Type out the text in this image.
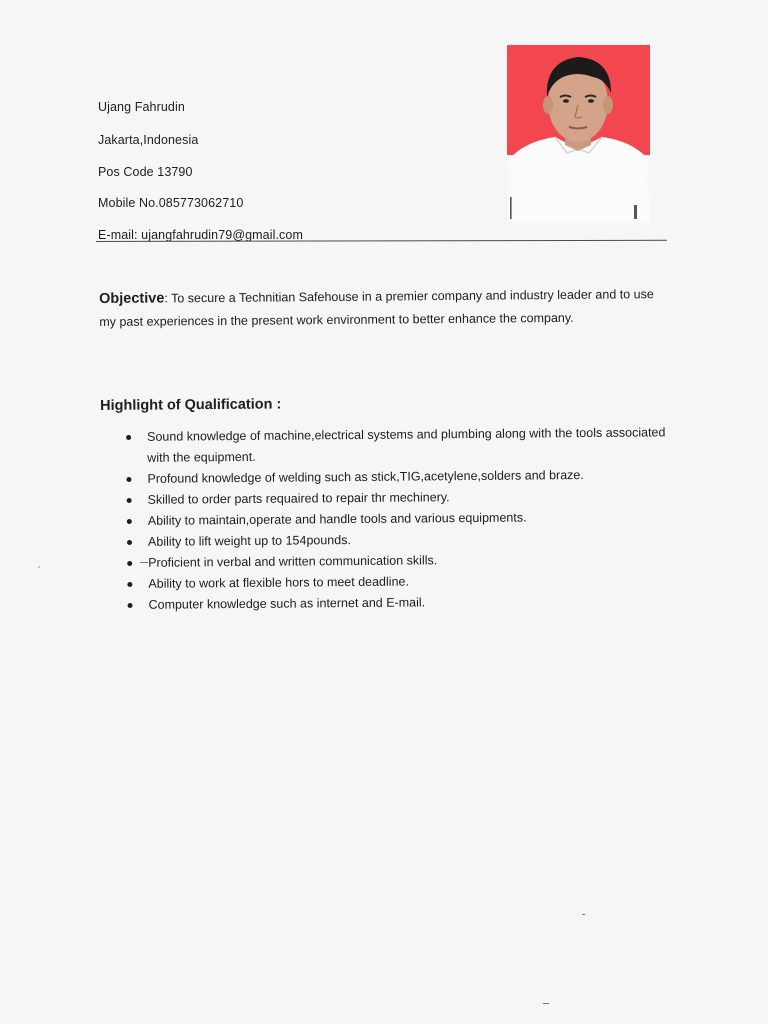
Ujang Fahrudin
Jakarta,Indonesia
Pos Code 13790
Mobile No.085773062710
E-mail: ujangfahrudin79@gmail.com
Objective: To secure a Technitian Safehouse in a premier company and industry leader and to use my past experiences in the present work environment to better enhance the company.
Highlight of Qualification :
Sound knowledge of machine,electrical systems and plumbing along with the tools associated with the equipment.
Profound knowledge of welding such as stick,TIG,acetylene,solders and braze.
Skilled to order parts requaired to repair thr mechinery.
Ability to maintain,operate and handle tools and various equipments.
Ability to lift weight up to 154pounds.
Proficient in verbal and written communication skills.
Ability to work at flexible hors to meet deadline.
Computer knowledge such as internet and E-mail.
